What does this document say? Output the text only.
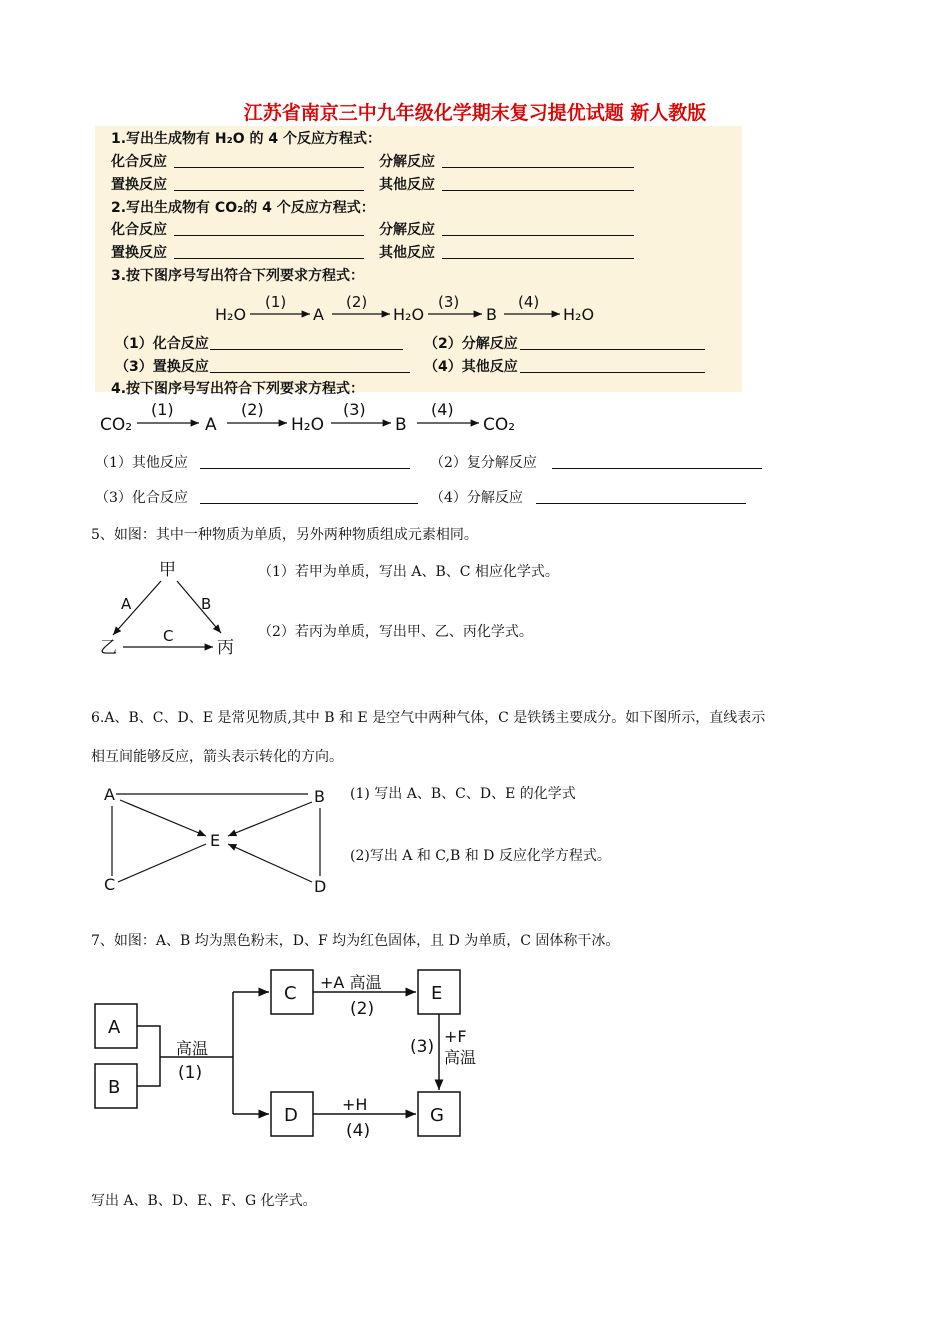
江苏省南京三中九年级化学期末复习提优试题 新人教版
1.写出生成物有 H₂O 的 4 个反应方程式：
化合反应	分解反应
置换反应	其他反应
2.写出生成物有 CO₂的 4 个反应方程式：
化合反应	分解反应
置换反应	其他反应
3.按下图序号写出符合下列要求方程式：
H₂O
(1)
A
(2)
H₂O
(3)
B
(4)
H₂O
（1）化合反应	（2）分解反应
（3）置换反应	（4）其他反应
4.按下图序号写出符合下列要求方程式：
CO₂
(1)
A
(2)
H₂O
(3)
B
(4)
CO₂
（1）其他反应	（2）复分解反应
（3）化合反应	（4）分解反应
5、如图：其中一种物质为单质，另外两种物质组成元素相同。
甲
乙	丙
A	B
C
（1）若甲为单质，写出 A、B、C 相应化学式。
（2）若丙为单质，写出甲、乙、丙化学式。
6.A、B、C、D、E 是常见物质,其中 B 和 E 是空气中两种气体，C 是铁锈主要成分。如下图所示，直线表示
相互间能够反应，箭头表示转化的方向。
A	B
C	D
E
(1) 写出 A、B、C、D、E 的化学式
(2)写出 A 和 C,B 和 D 反应化学方程式。
7、如图：A、B 均为黑色粉末，D、F 均为红色固体，且 D 为单质，C 固体称干冰。
A
B
C
D
E
G
高温
(1)
+A 高温
(2)
(3)
+F
高温
+H
(4)
写出 A、B、D、E、F、G 化学式。
